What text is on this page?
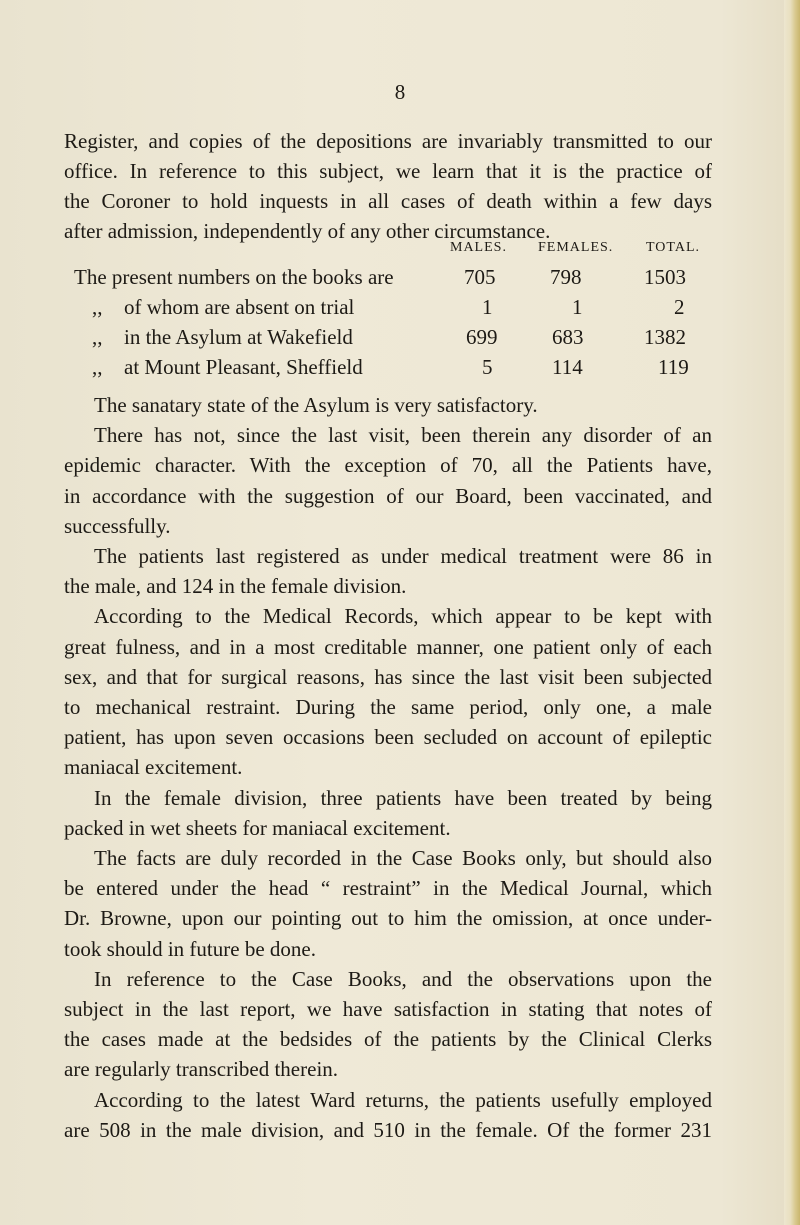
8
Register, and copies of the depositions are invariably transmitted to our
office. In reference to this subject, we learn that it is the practice of
the Coroner to hold inquests in all cases of death within a few days
after admission, independently of any other circumstance.
MALES. FEMALES. TOTAL.
The present numbers on the books are	705	798	1503
,, of whom are absent on trial	1	1	2
,, in the Asylum at Wakefield	699	683	1382
,, at Mount Pleasant, Sheffield	5	114	119
The sanatary state of the Asylum is very satisfactory.
There has not, since the last visit, been therein any disorder of an
epidemic character. With the exception of 70, all the Patients have,
in accordance with the suggestion of our Board, been vaccinated, and
successfully.
The patients last registered as under medical treatment were 86 in
the male, and 124 in the female division.
According to the Medical Records, which appear to be kept with
great fulness, and in a most creditable manner, one patient only of each
sex, and that for surgical reasons, has since the last visit been subjected
to mechanical restraint. During the same period, only one, a male
patient, has upon seven occasions been secluded on account of epileptic
maniacal excitement.
In the female division, three patients have been treated by being
packed in wet sheets for maniacal excitement.
The facts are duly recorded in the Case Books only, but should also
be entered under the head “ restraint” in the Medical Journal, which
Dr. Browne, upon our pointing out to him the omission, at once under-
took should in future be done.
In reference to the Case Books, and the observations upon the
subject in the last report, we have satisfaction in stating that notes of
the cases made at the bedsides of the patients by the Clinical Clerks
are regularly transcribed therein.
According to the latest Ward returns, the patients usefully employed
are 508 in the male division, and 510 in the female. Of the former 231
